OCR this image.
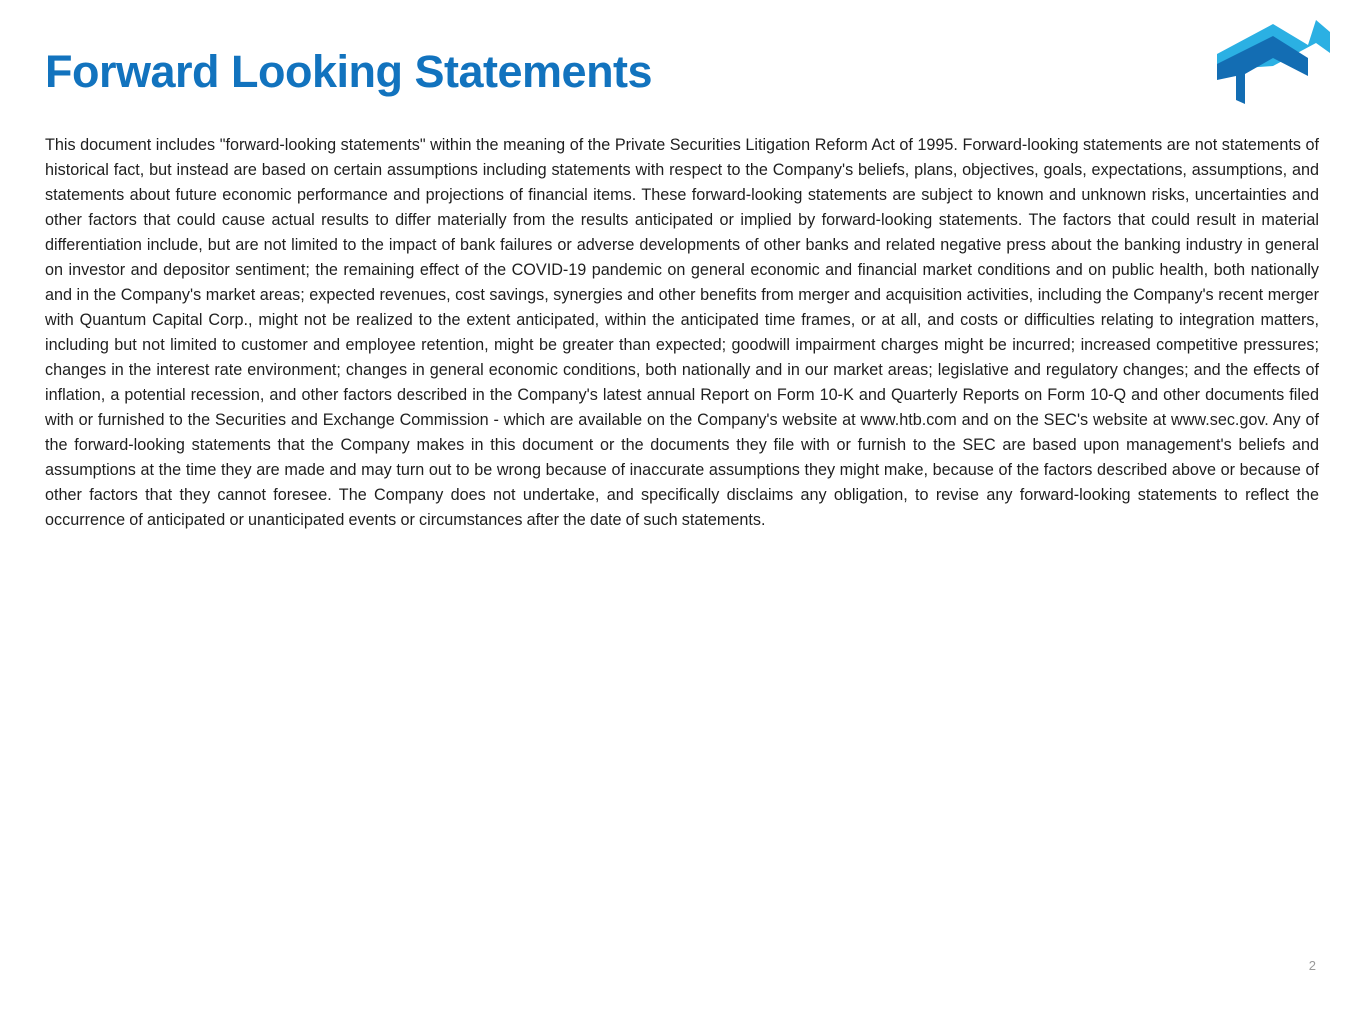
Forward Looking Statements

This document includes "forward-looking statements" within the meaning of the Private Securities Litigation Reform Act of 1995. Forward-looking statements are not statements of historical fact, but instead are based on certain assumptions including statements with respect to the Company's beliefs, plans, objectives, goals, expectations, assumptions, and statements about future economic performance and projections of financial items. These forward-looking statements are subject to known and unknown risks, uncertainties and other factors that could cause actual results to differ materially from the results anticipated or implied by forward-looking statements. The factors that could result in material differentiation include, but are not limited to the impact of bank failures or adverse developments of other banks and related negative press about the banking industry in general on investor and depositor sentiment; the remaining effect of the COVID-19 pandemic on general economic and financial market conditions and on public health, both nationally and in the Company's market areas; expected revenues, cost savings, synergies and other benefits from merger and acquisition activities, including the Company's recent merger with Quantum Capital Corp., might not be realized to the extent anticipated, within the anticipated time frames, or at all, and costs or difficulties relating to integration matters, including but not limited to customer and employee retention, might be greater than expected; goodwill impairment charges might be incurred; increased competitive pressures; changes in the interest rate environment; changes in general economic conditions, both nationally and in our market areas; legislative and regulatory changes; and the effects of inflation, a potential recession, and other factors described in the Company's latest annual Report on Form 10-K and Quarterly Reports on Form 10-Q and other documents filed with or furnished to the Securities and Exchange Commission - which are available on the Company's website at www.htb.com and on the SEC's website at www.sec.gov. Any of the forward-looking statements that the Company makes in this document or the documents they file with or furnish to the SEC are based upon management's beliefs and assumptions at the time they are made and may turn out to be wrong because of inaccurate assumptions they might make, because of the factors described above or because of other factors that they cannot foresee. The Company does not undertake, and specifically disclaims any obligation, to revise any forward-looking statements to reflect the occurrence of anticipated or unanticipated events or circumstances after the date of such statements.

2
